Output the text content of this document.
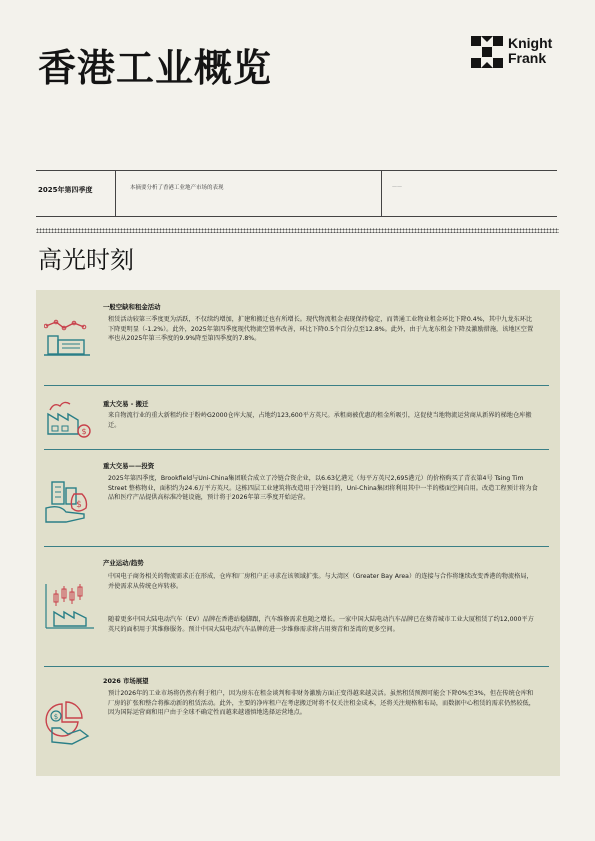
香港工业概览
Knight
Frank
2025年第四季度	本摘要分析了香港工业地产市场的表现	——
高光时刻
一般空缺和租金活动

租赁活动较第三季度更为活跃，不仅续约增加，扩建和搬迁也有所增长。现代物流租金表现保持稳定，而普通工业物业租金环比下降0.4%，其中九龙东环比下降更明显（-1.2%）。此外，2025年第四季度现代物流空置率改善，环比下降0.5个百分点至12.8%。此外，由于九龙东租金下降及激励措施，该地区空置率也从2025年第三季度的9.9%降至第四季度的7.8%。

$
重大交易 - 搬迁

来自物流行业的重大新租约位于粉岭G2000仓库大厦，占地约123,600平方英尺。承租商被优惠的租金所吸引，这促使当地物流运营商从新界的梯地仓库搬迁。

$
重大交易——投资

2025年第四季度，Brookfield与Uni-China集团联合成立了冷链合资企业，以6.63亿港元（每平方英尺2,695港元）的价格购买了青衣第4号 Tsing Tim Street 整栋物业，面积约为24.6万平方英尺。这栋四层工业建筑将改造用于冷链目的，Uni-China集团将利用其中一半的楼面空间自用。改造工程预计将为食品和医疗产品提供高标准冷链设施，预计将于2026年第三季度开始运营。

产业运动/趋势

中国电子商务相关的物流需求正在形成，仓库和厂房租户正寻求在该领域扩张。与大湾区（Greater Bay Area）的连接与合作将继续改变香港的物流格局，并使需求从传统仓库转移。

随着更多中国大陆电动汽车（EV）品牌在香港站稳脚跟，汽车维修需求也随之增长。一家中国大陆电动汽车品牌已在葵青城市工业大厦租赁了约12,000平方英尺的面积用于其维修服务。预计中国大陆电动汽车品牌的进一步维修需求将占用葵青和荃湾的更多空间。

$
2026 市场展望

预计2026年的工业市场将仍然有利于租户，因为房东在租金谈判和非财务激励方面正变得越来越灵活。虽然租赁预测可能会下降0%至3%，但在传统仓库和厂房的扩张和整合将推动新的租赁活动。此外，主要的净库租户在考虑搬迁时将不仅关注租金成本，还将关注规格和布局，而数据中心租赁的需求仍然较低，因为国际运营商和用户由于全球不确定性而越来越谨慎地选择运营地点。
